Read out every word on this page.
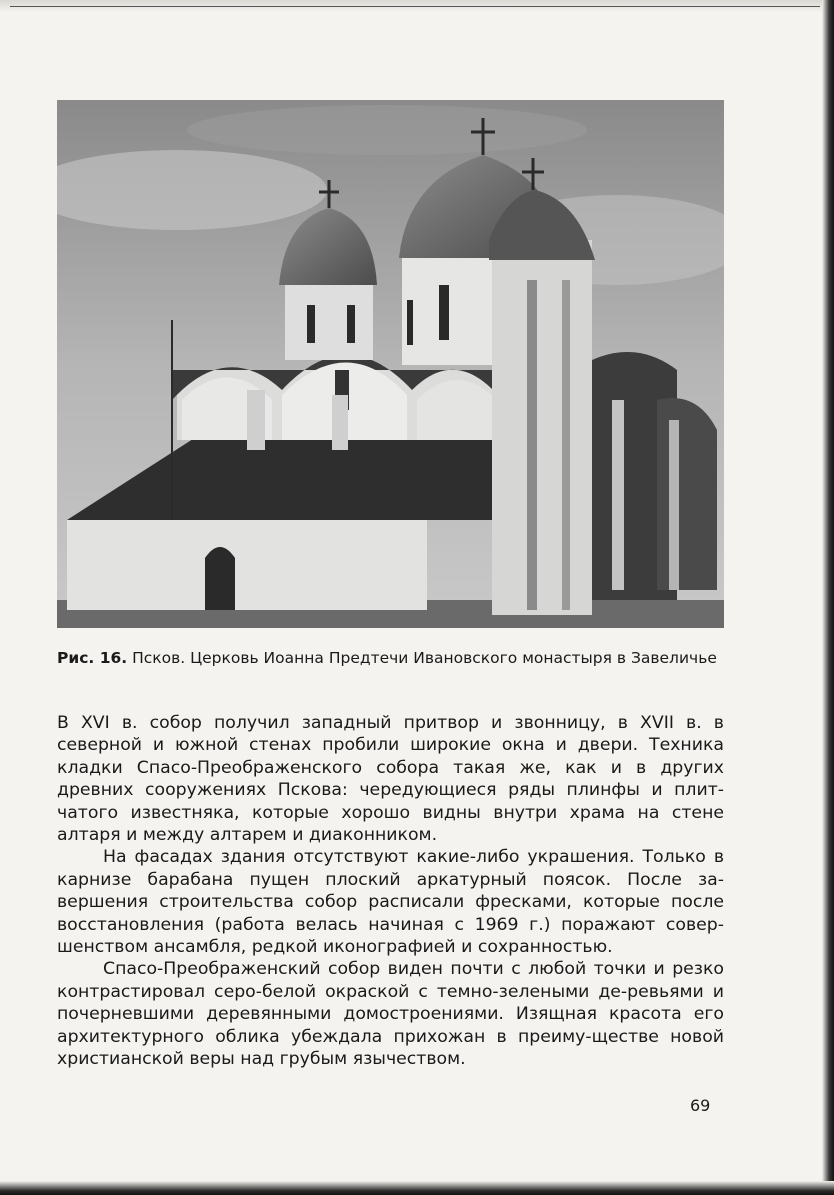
Рис. 16. Псков. Церковь Иоанна Предтечи Ивановского монастыря в Завеличье

В XVI в. собор получил западный притвор и звонницу, в XVII в. в северной и южной стенах пробили широкие окна и двери. Техника кладки Спасо-Преображенского собора такая же, как и в других древних сооружениях Пскова: чередующиеся ряды плинфы и плит-чатого известняка, которые хорошо видны внутри храма на стене алтаря и между алтарем и диаконником.

На фасадах здания отсутствуют какие-либо украшения. Только в карнизе барабана пущен плоский аркатурный поясок. После за-вершения строительства собор расписали фресками, которые после восстановления (работа велась начиная с 1969 г.) поражают совер-шенством ансамбля, редкой иконографией и сохранностью.

Спасо-Преображенский собор виден почти с любой точки и резко контрастировал серо-белой окраской с темно-зелеными де-ревьями и почерневшими деревянными домостроениями. Изящная красота его архитектурного облика убеждала прихожан в преиму-ществе новой христианской веры над грубым язычеством.

69
